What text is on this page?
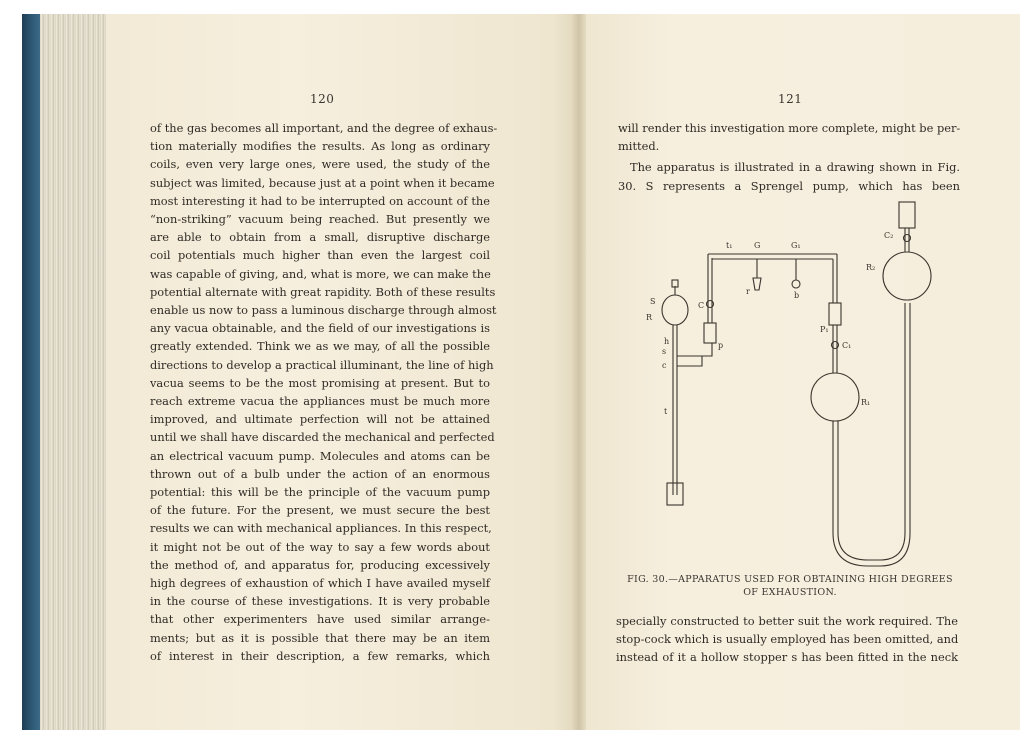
120
of the gas becomes all important, and the degree of exhaus-
tion materially modifies the results. As long as ordinary
coils, even very large ones, were used, the study of the
subject was limited, because just at a point when it became
most interesting it had to be interrupted on account of the
“non-striking” vacuum being reached. But presently we
are able to obtain from a small, disruptive discharge
coil potentials much higher than even the largest coil
was capable of giving, and, what is more, we can make the
potential alternate with great rapidity. Both of these results
enable us now to pass a luminous discharge through almost
any vacua obtainable, and the field of our investigations is
greatly extended. Think we as we may, of all the possible
directions to develop a practical illuminant, the line of high
vacua seems to be the most promising at present. But to
reach extreme vacua the appliances must be much more
improved, and ultimate perfection will not be attained
until we shall have discarded the mechanical and perfected
an electrical vacuum pump. Molecules and atoms can be
thrown out of a bulb under the action of an enormous
potential: this will be the principle of the vacuum pump
of the future. For the present, we must secure the best
results we can with mechanical appliances. In this respect,
it might not be out of the way to say a few words about
the method of, and apparatus for, producing excessively
high degrees of exhaustion of which I have availed myself
in the course of these investigations. It is very probable
that other experimenters have used similar arrange-
ments; but as it is possible that there may be an item
of interest in their description, a few remarks, which
121
will render this investigation more complete, might be per-
mitted.
The apparatus is illustrated in a drawing shown in Fig.
30. S represents a Sprengel pump, which has been
t₁	G	G₁
C₂
R₂
S
R
C
h
s
c
p
r	b
P₁
C₁
R₁
t
FIG. 30.—APPARATUS USED FOR OBTAINING HIGH DEGREES
OF EXHAUSTION.
specially constructed to better suit the work required. The
stop-cock which is usually employed has been omitted, and
instead of it a hollow stopper s has been fitted in the neck
